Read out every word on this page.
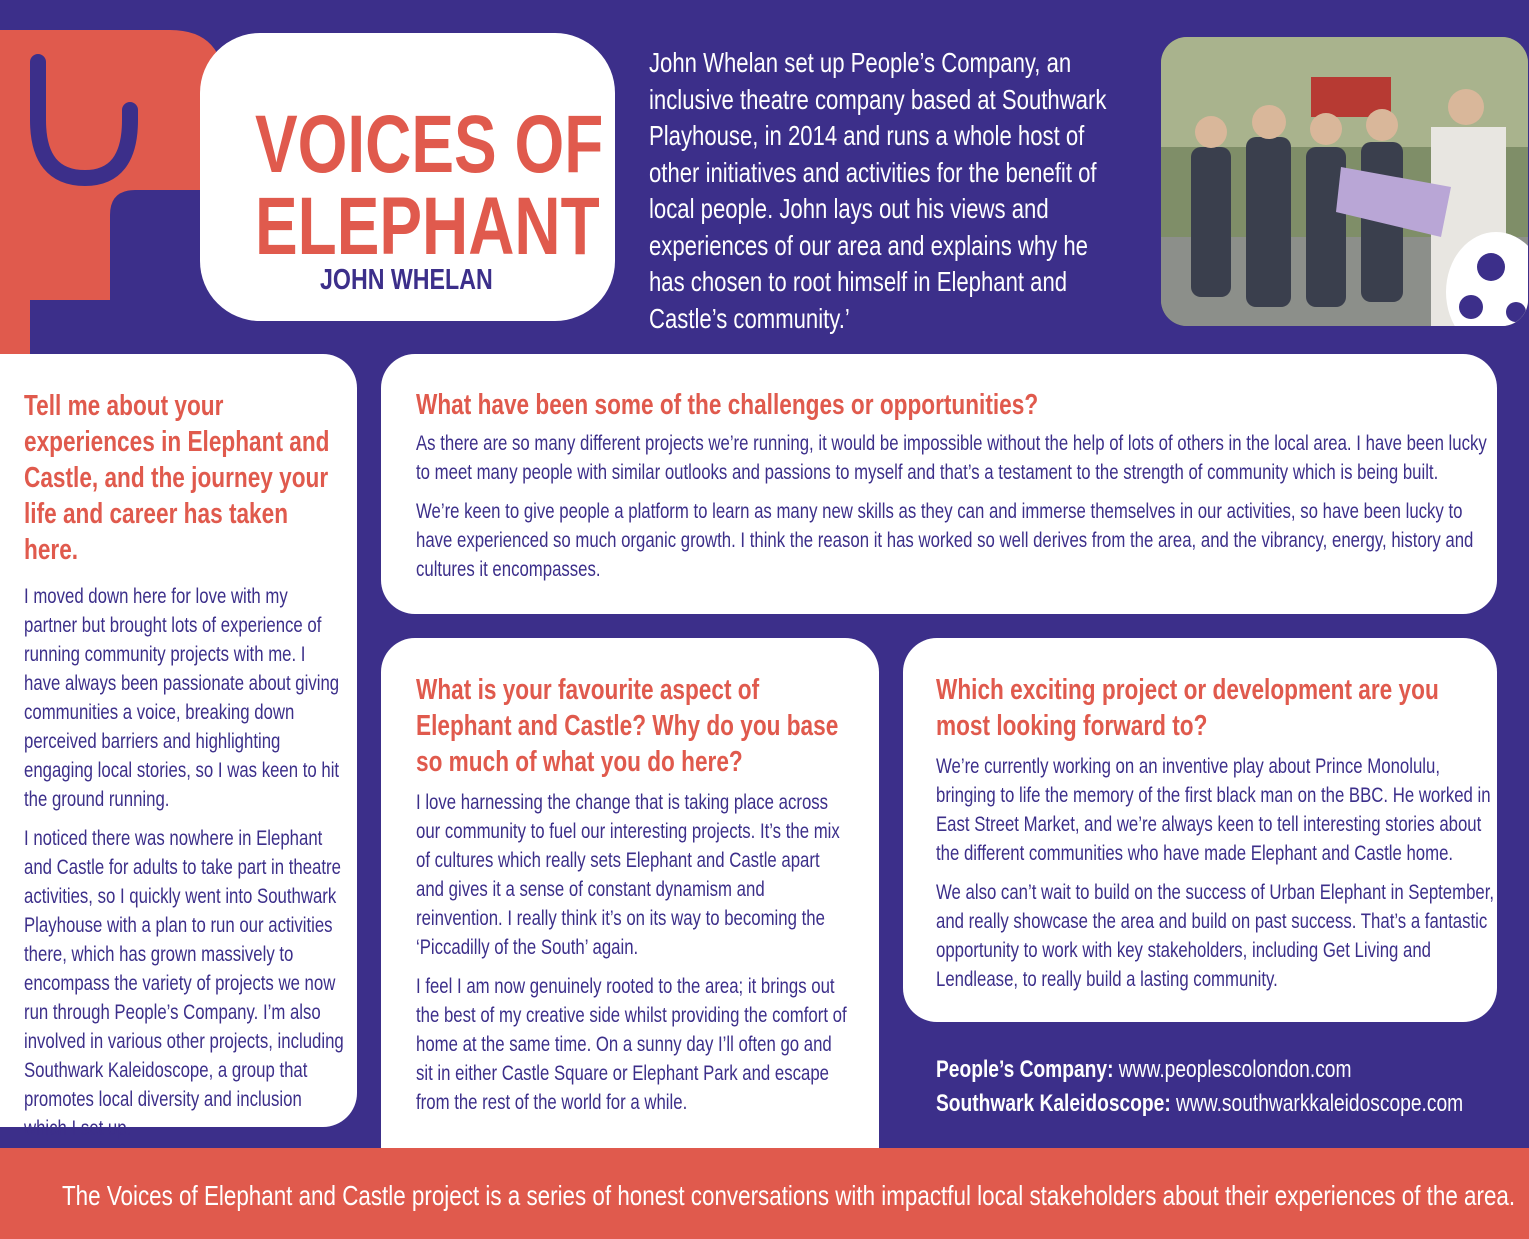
VOICES OF
ELEPHANT
JOHN WHELAN

John Whelan set up People’s Company, an inclusive theatre company based at Southwark Playhouse, in 2014 and runs a whole host of other initiatives and activities for the benefit of local people. John lays out his views and experiences of our area and explains why he has chosen to root himself in Elephant and Castle’s community.’

Tell me about your experiences in Elephant and Castle, and the journey your life and career has taken here.

I moved down here for love with my partner but brought lots of experience of running community projects with me. I have always been passionate about giving communities a voice, breaking down perceived barriers and highlighting engaging local stories, so I was keen to hit the ground running.

I noticed there was nowhere in Elephant and Castle for adults to take part in theatre activities, so I quickly went into Southwark Playhouse with a plan to run our activities there, which has grown massively to encompass the variety of projects we now run through People’s Company. I’m also involved in various other projects, including Southwark Kaleidoscope, a group that promotes local diversity and inclusion which I set up.

What have been some of the challenges or opportunities?

As there are so many different projects we’re running, it would be impossible without the help of lots of others in the local area. I have been lucky to meet many people with similar outlooks and passions to myself and that’s a testament to the strength of community which is being built.

We’re keen to give people a platform to learn as many new skills as they can and immerse themselves in our activities, so have been lucky to have experienced so much organic growth. I think the reason it has worked so well derives from the area, and the vibrancy, energy, history and cultures it encompasses.

What is your favourite aspect of Elephant and Castle? Why do you base so much of what you do here?

I love harnessing the change that is taking place across our community to fuel our interesting projects. It’s the mix of cultures which really sets Elephant and Castle apart and gives it a sense of constant dynamism and reinvention. I really think it’s on its way to becoming the ‘Piccadilly of the South’ again.

I feel I am now genuinely rooted to the area; it brings out the best of my creative side whilst providing the comfort of home at the same time. On a sunny day I’ll often go and sit in either Castle Square or Elephant Park and escape from the rest of the world for a while.

Which exciting project or development are you most looking forward to?

We’re currently working on an inventive play about Prince Monolulu, bringing to life the memory of the first black man on the BBC. He worked in East Street Market, and we’re always keen to tell interesting stories about the different communities who have made Elephant and Castle home.

We also can’t wait to build on the success of Urban Elephant in September, and really showcase the area and build on past success. That’s a fantastic opportunity to work with key stakeholders, including Get Living and Lendlease, to really build a lasting community.

People’s Company: www.peoplescolondon.com
Southwark Kaleidoscope: www.southwarkkaleidoscope.com

The Voices of Elephant and Castle project is a series of honest conversations with impactful local stakeholders about their experiences of the area.
